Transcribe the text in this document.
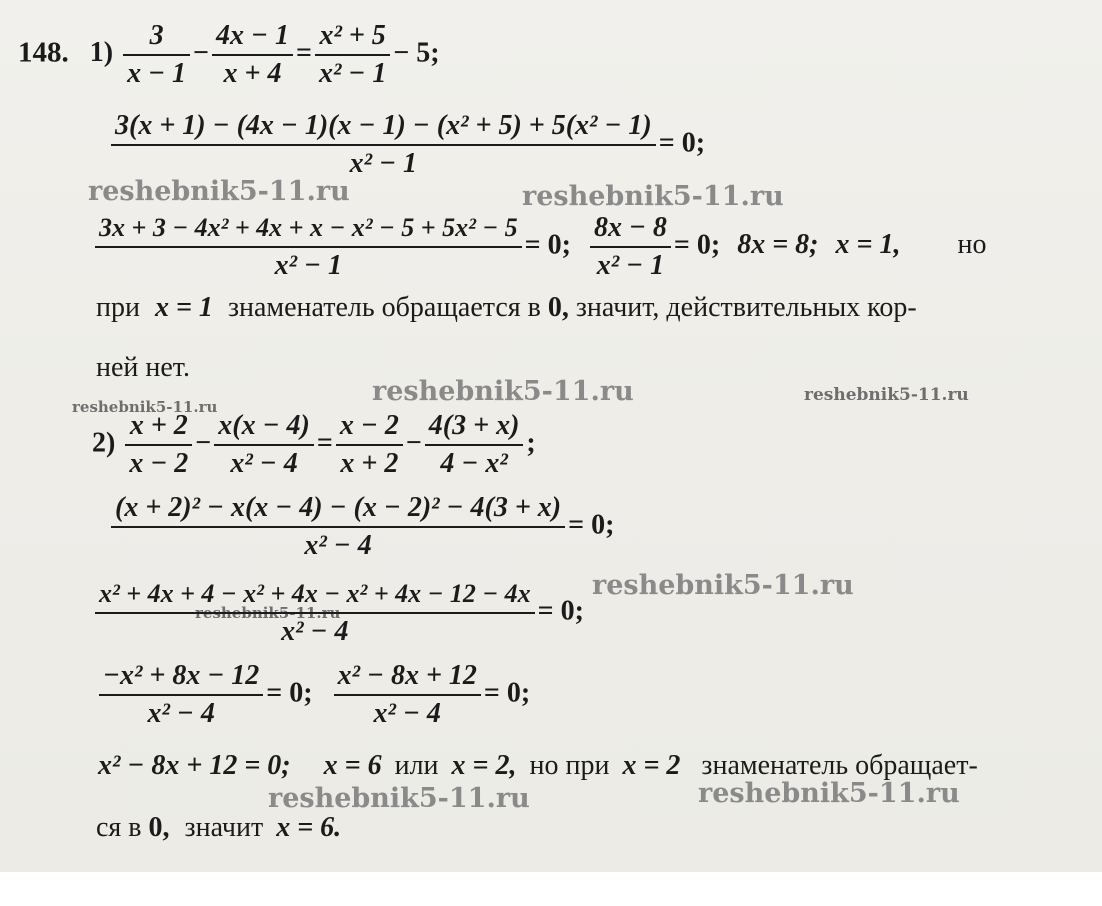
reshebnik5-11.ru	reshebnik5-11.ru
reshebnik5-11.ru
reshebnik5-11.ru
reshebnik5-11.ru
reshebnik5-11.ru
reshebnik5-11.ru
reshebnik5-11.ru	reshebnik5-11.ru
148. $1) \frac{3}{x - 1} - \frac{4x - 1}{x + 4} = \frac{\text{x² + 5}}{\text{x² − 1}} - 5$;
$\frac{\text{3(x + 1) − (4x − 1)(x − 1) − (x² + 5) + 5(x² − 1)}}{\text{x² − 1}} = 0$;
$\frac{\text{3x + 3 − 4x² + 4x + x − x² − 5 + 5x² − 5}}{\text{x² − 1}} = 0$; $\frac{8x - 8}{\text{x² − 1}} = 0$; 8x = 8; x = 1, но
при x = 1 знаменатель обращается в 0, значит, действительных кор-
ней нет.
$2) \frac{x + 2}{x - 2} - \frac{x(x - 4)}{\text{x² − 4}} = \frac{x - 2}{x + 2} - \frac{4(3 + x)}{\text{4 − x²}}$ ;
$\frac{\text{(x + 2)² − x(x − 4) − (x − 2)² − 4(3 + x)}}{\text{x² − 4}} = 0$;
$\frac{\text{x² + 4x + 4 − x² + 4x − x² + 4x − 12 − 4x}}{\text{x² − 4}} = 0$;
$\frac{\text{−x² + 8x − 12}}{\text{x² − 4}} = 0$; $\frac{\text{x² − 8x + 12}}{\text{x² − 4}} = 0$;
x² − 8x + 12 = 0; x = 6 или x = 2, но при x = 2 знаменатель обращает-
ся в 0, значит x = 6.
